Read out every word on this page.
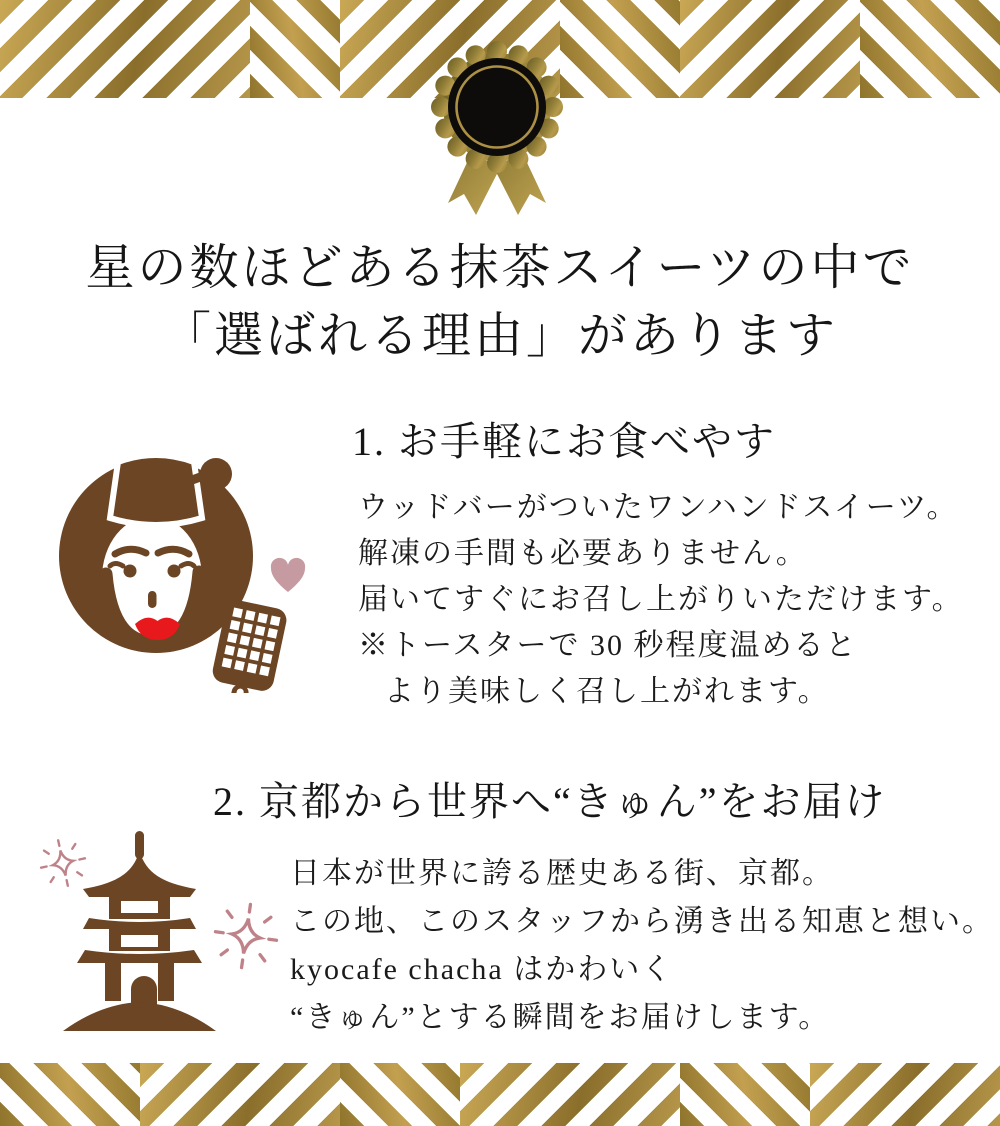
星の数ほどある抹茶スイーツの中で
「選ばれる理由」があります
1. お手軽にお食べやす
ウッドバーがついたワンハンドスイーツ。
解凍の手間も必要ありません。
届いてすぐにお召し上がりいただけます。
※トースターで 30 秒程度温めると
より美味しく召し上がれます。
2. 京都から世界へ“きゅん”をお届け
日本が世界に誇る歴史ある街、京都。
この地、このスタッフから湧き出る知恵と想い。
kyocafe chacha はかわいく
“きゅん”とする瞬間をお届けします。
